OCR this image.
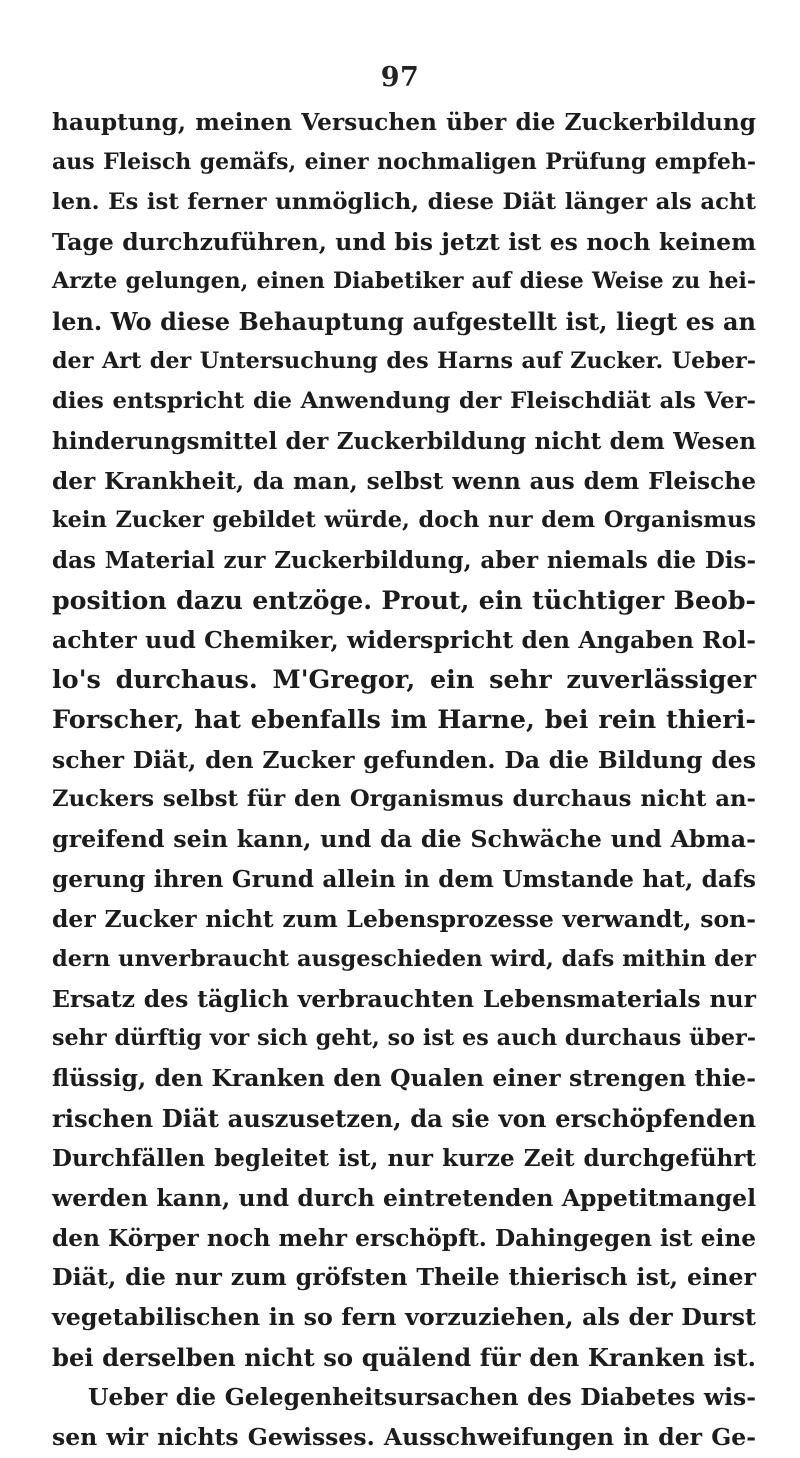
97
hauptung, meinen Versuchen über die Zuckerbildung
aus Fleisch gemäfs, einer nochmaligen Prüfung empfeh-
len. Es ist ferner unmöglich, diese Diät länger als acht
Tage durchzuführen, und bis jetzt ist es noch keinem
Arzte gelungen, einen Diabetiker auf diese Weise zu hei-
len. Wo diese Behauptung aufgestellt ist, liegt es an
der Art der Untersuchung des Harns auf Zucker. Ueber-
dies entspricht die Anwendung der Fleischdiät als Ver-
hinderungsmittel der Zuckerbildung nicht dem Wesen
der Krankheit, da man, selbst wenn aus dem Fleische
kein Zucker gebildet würde, doch nur dem Organismus
das Material zur Zuckerbildung, aber niemals die Dis-
position dazu entzöge. Prout, ein tüchtiger Beob-
achter uud Chemiker, widerspricht den Angaben Rol-
lo's durchaus. M'Gregor, ein sehr zuverlässiger
Forscher, hat ebenfalls im Harne, bei rein thieri-
scher Diät, den Zucker gefunden. Da die Bildung des
Zuckers selbst für den Organismus durchaus nicht an-
greifend sein kann, und da die Schwäche und Abma-
gerung ihren Grund allein in dem Umstande hat, dafs
der Zucker nicht zum Lebensprozesse verwandt, son-
dern unverbraucht ausgeschieden wird, dafs mithin der
Ersatz des täglich verbrauchten Lebensmaterials nur
sehr dürftig vor sich geht, so ist es auch durchaus über-
flüssig, den Kranken den Qualen einer strengen thie-
rischen Diät auszusetzen, da sie von erschöpfenden
Durchfällen begleitet ist, nur kurze Zeit durchgeführt
werden kann, und durch eintretenden Appetitmangel
den Körper noch mehr erschöpft. Dahingegen ist eine
Diät, die nur zum gröfsten Theile thierisch ist, einer
vegetabilischen in so fern vorzuziehen, als der Durst
bei derselben nicht so quälend für den Kranken ist.
Ueber die Gelegenheitsursachen des Diabetes wis-
sen wir nichts Gewisses. Ausschweifungen in der Ge-
